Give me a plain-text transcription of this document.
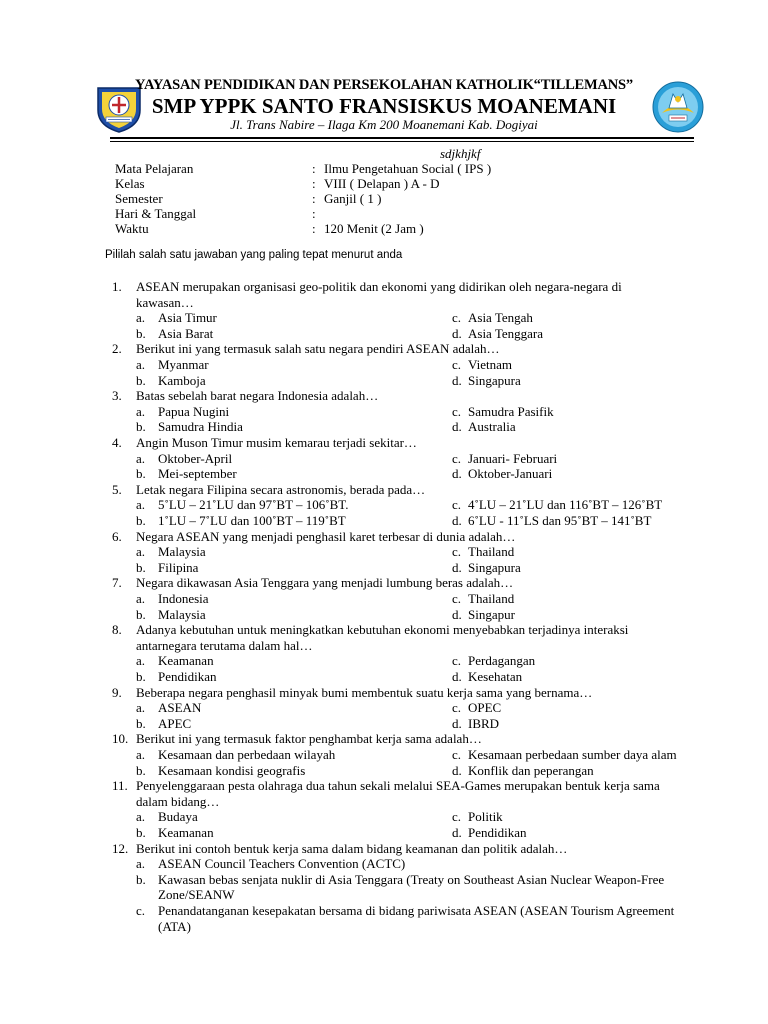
YAYASAN PENDIDIKAN DAN PERSEKOLAHAN KATHOLIK“TILLEMANS”
SMP YPPK SANTO FRANSISKUS MOANEMANI
Jl. Trans Nabire – Ilaga Km 200 Moanemani Kab. Dogiyai
sdjkhjkf
Mata Pelajaran	: Ilmu Pengetahuan Social ( IPS )
Kelas	: VIII ( Delapan ) A - D
Semester	: Ganjil ( 1 )
Hari & Tanggal	:
Waktu	: 120 Menit (2 Jam )
Pililah salah satu jawaban yang paling tepat menurut anda
1. ASEAN merupakan organisasi geo-politik dan ekonomi yang didirikan oleh negara-negara di
kawasan…
a. Asia Timur	c. Asia Tengah
b. Asia Barat	d. Asia Tenggara
2. Berikut ini yang termasuk salah satu negara pendiri ASEAN adalah…
a. Myanmar	c. Vietnam
b. Kamboja	d. Singapura
3. Batas sebelah barat negara Indonesia adalah…
a. Papua Nugini	c. Samudra Pasifik
b. Samudra Hindia	d. Australia
4. Angin Muson Timur musim kemarau terjadi sekitar…
a. Oktober-April	c. Januari- Februari
b. Mei-september	d. Oktober-Januari
5. Letak negara Filipina secara astronomis, berada pada…
a. 5˚LU – 21˚LU dan 97˚BT – 106˚BT.	c. 4˚LU – 21˚LU dan 116˚BT – 126˚BT
b. 1˚LU – 7˚LU dan 100˚BT – 119˚BT	d. 6˚LU - 11˚LS dan 95˚BT – 141˚BT
6. Negara ASEAN yang menjadi penghasil karet terbesar di dunia adalah…
a. Malaysia	c. Thailand
b. Filipina	d. Singapura
7. Negara dikawasan Asia Tenggara yang menjadi lumbung beras adalah…
a. Indonesia	c. Thailand
b. Malaysia	d. Singapur
8. Adanya kebutuhan untuk meningkatkan kebutuhan ekonomi menyebabkan terjadinya interaksi
antarnegara terutama dalam hal…
a. Keamanan	c. Perdagangan
b. Pendidikan	d. Kesehatan
9. Beberapa negara penghasil minyak bumi membentuk suatu kerja sama yang bernama…
a. ASEAN	c. OPEC
b. APEC	d. IBRD
10. Berikut ini yang termasuk faktor penghambat kerja sama adalah…
a. Kesamaan dan perbedaan wilayah	c. Kesamaan perbedaan sumber daya alam
b. Kesamaan kondisi geografis	d. Konflik dan peperangan
11. Penyelenggaraan pesta olahraga dua tahun sekali melalui SEA-Games merupakan bentuk kerja sama
dalam bidang…
a. Budaya	c. Politik
b. Keamanan	d. Pendidikan
12. Berikut ini contoh bentuk kerja sama dalam bidang keamanan dan politik adalah…
a. ASEAN Council Teachers Convention (ACTC)
b. Kawasan bebas senjata nuklir di Asia Tenggara (Treaty on Southeast Asian Nuclear Weapon-Free
Zone/SEANW
c. Penandatanganan kesepakatan bersama di bidang pariwisata ASEAN (ASEAN Tourism Agreement
(ATA)
